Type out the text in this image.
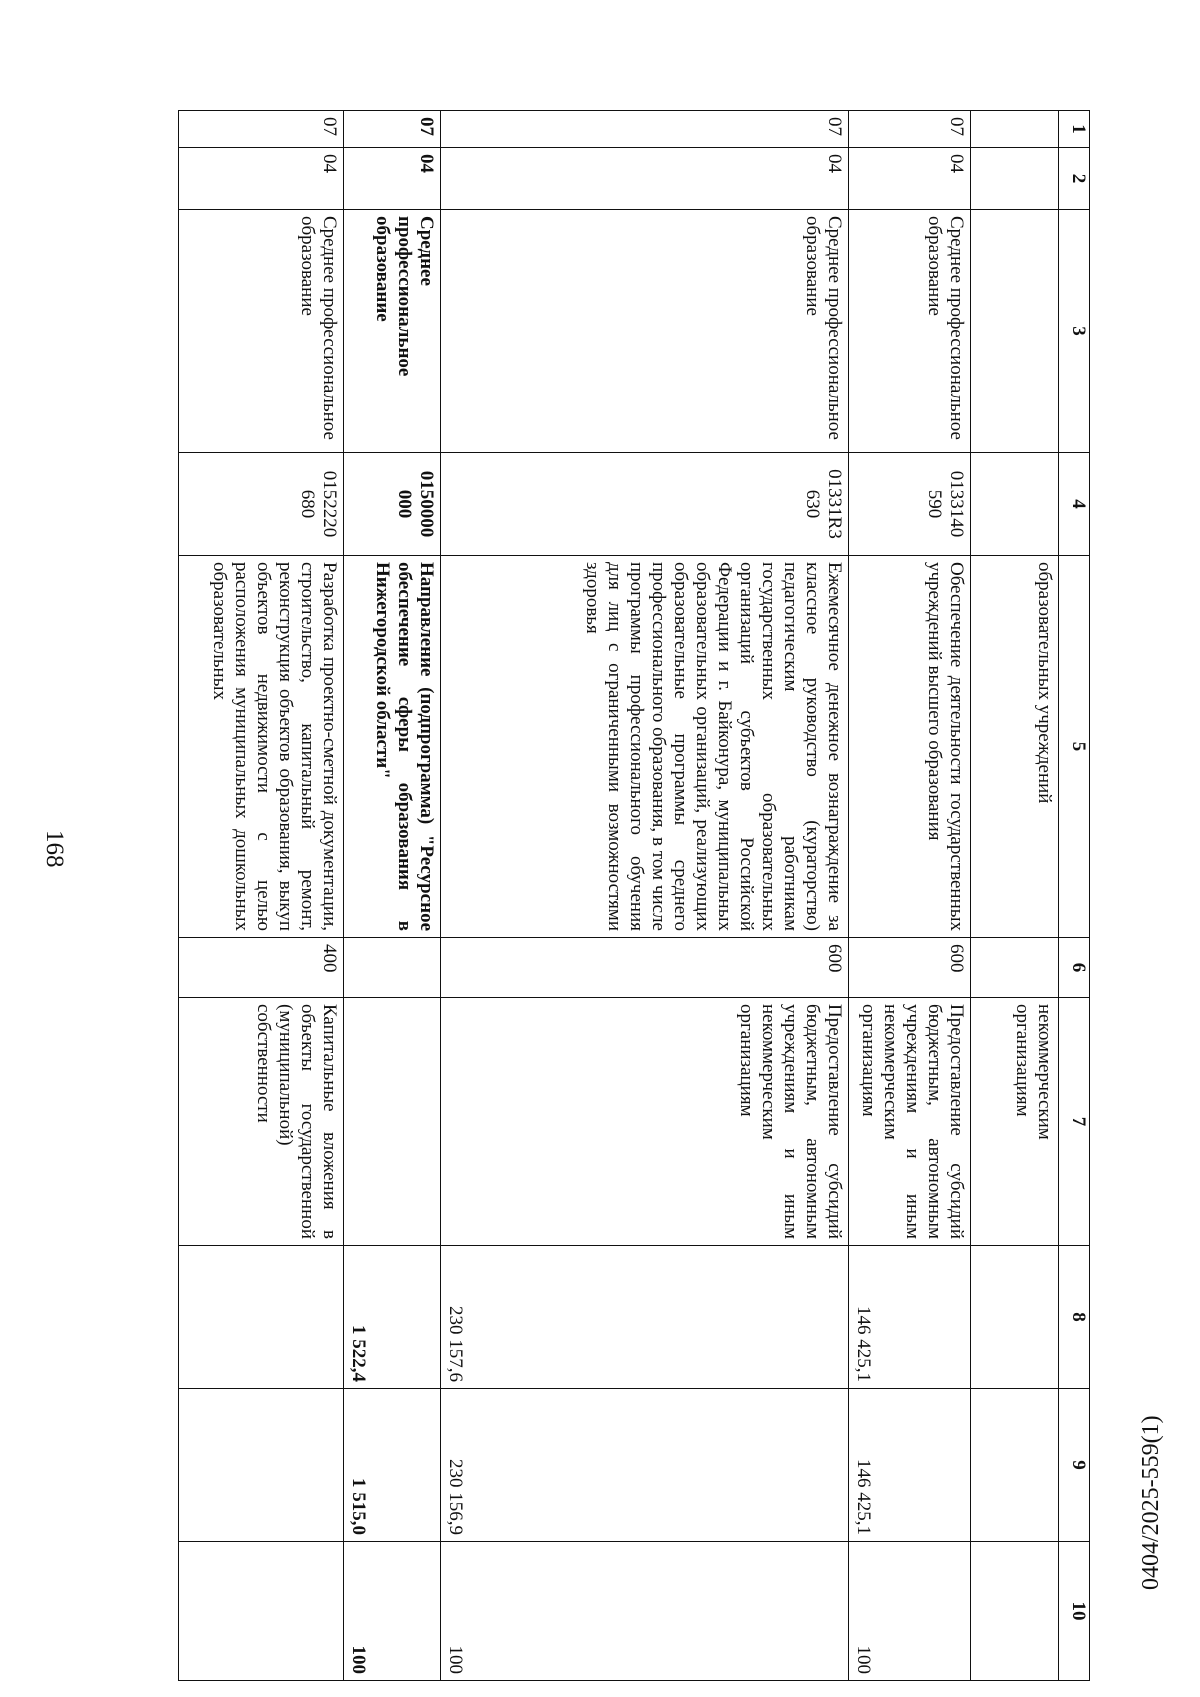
168
0404/2025-559(1)
1	2	3	4	5	6	7	8	9	10
				образовательных учреждений		некоммерческим организациям			
07	04	Среднее профессиональное образование	0133140 590	Обеспечение деятельности государственных учреждений высшего образования	600	Предоставление субсидий бюджетным, автономным учреждениям и иным некоммерческим организациям	146 425,1	146 425,1	100
07	04	Среднее профессиональное образование	01331R3 630	Ежемесячное денежное вознаграждение за классное руководство (кураторство) педагогическим работникам государственных образовательных организаций субъектов Российской Федерации и г. Байконура, муниципальных образовательных организаций, реализующих образовательные программы среднего профессионального образования, в том числе программы профессионального обучения для лиц с ограниченными возможностями здоровья	600	Предоставление субсидий бюджетным, автономным учреждениям и иным некоммерческим организациям	230 157,6	230 156,9	100
07	04	Среднее профессиональное образование	0150000 000	Направление (подпрограмма) "Ресурсное обеспечение сферы образования в Нижегородской области"			1 522,4	1 515,0	100
07	04	Среднее профессиональное образование	0152220 680	Разработка проектно-сметной документации, строительство, капитальный ремонт, реконструкция объектов образования, выкуп объектов недвижимости с целью расположения муниципальных дошкольных образовательных	400	Капитальные вложения в объекты государственной (муниципальной) собственности			
